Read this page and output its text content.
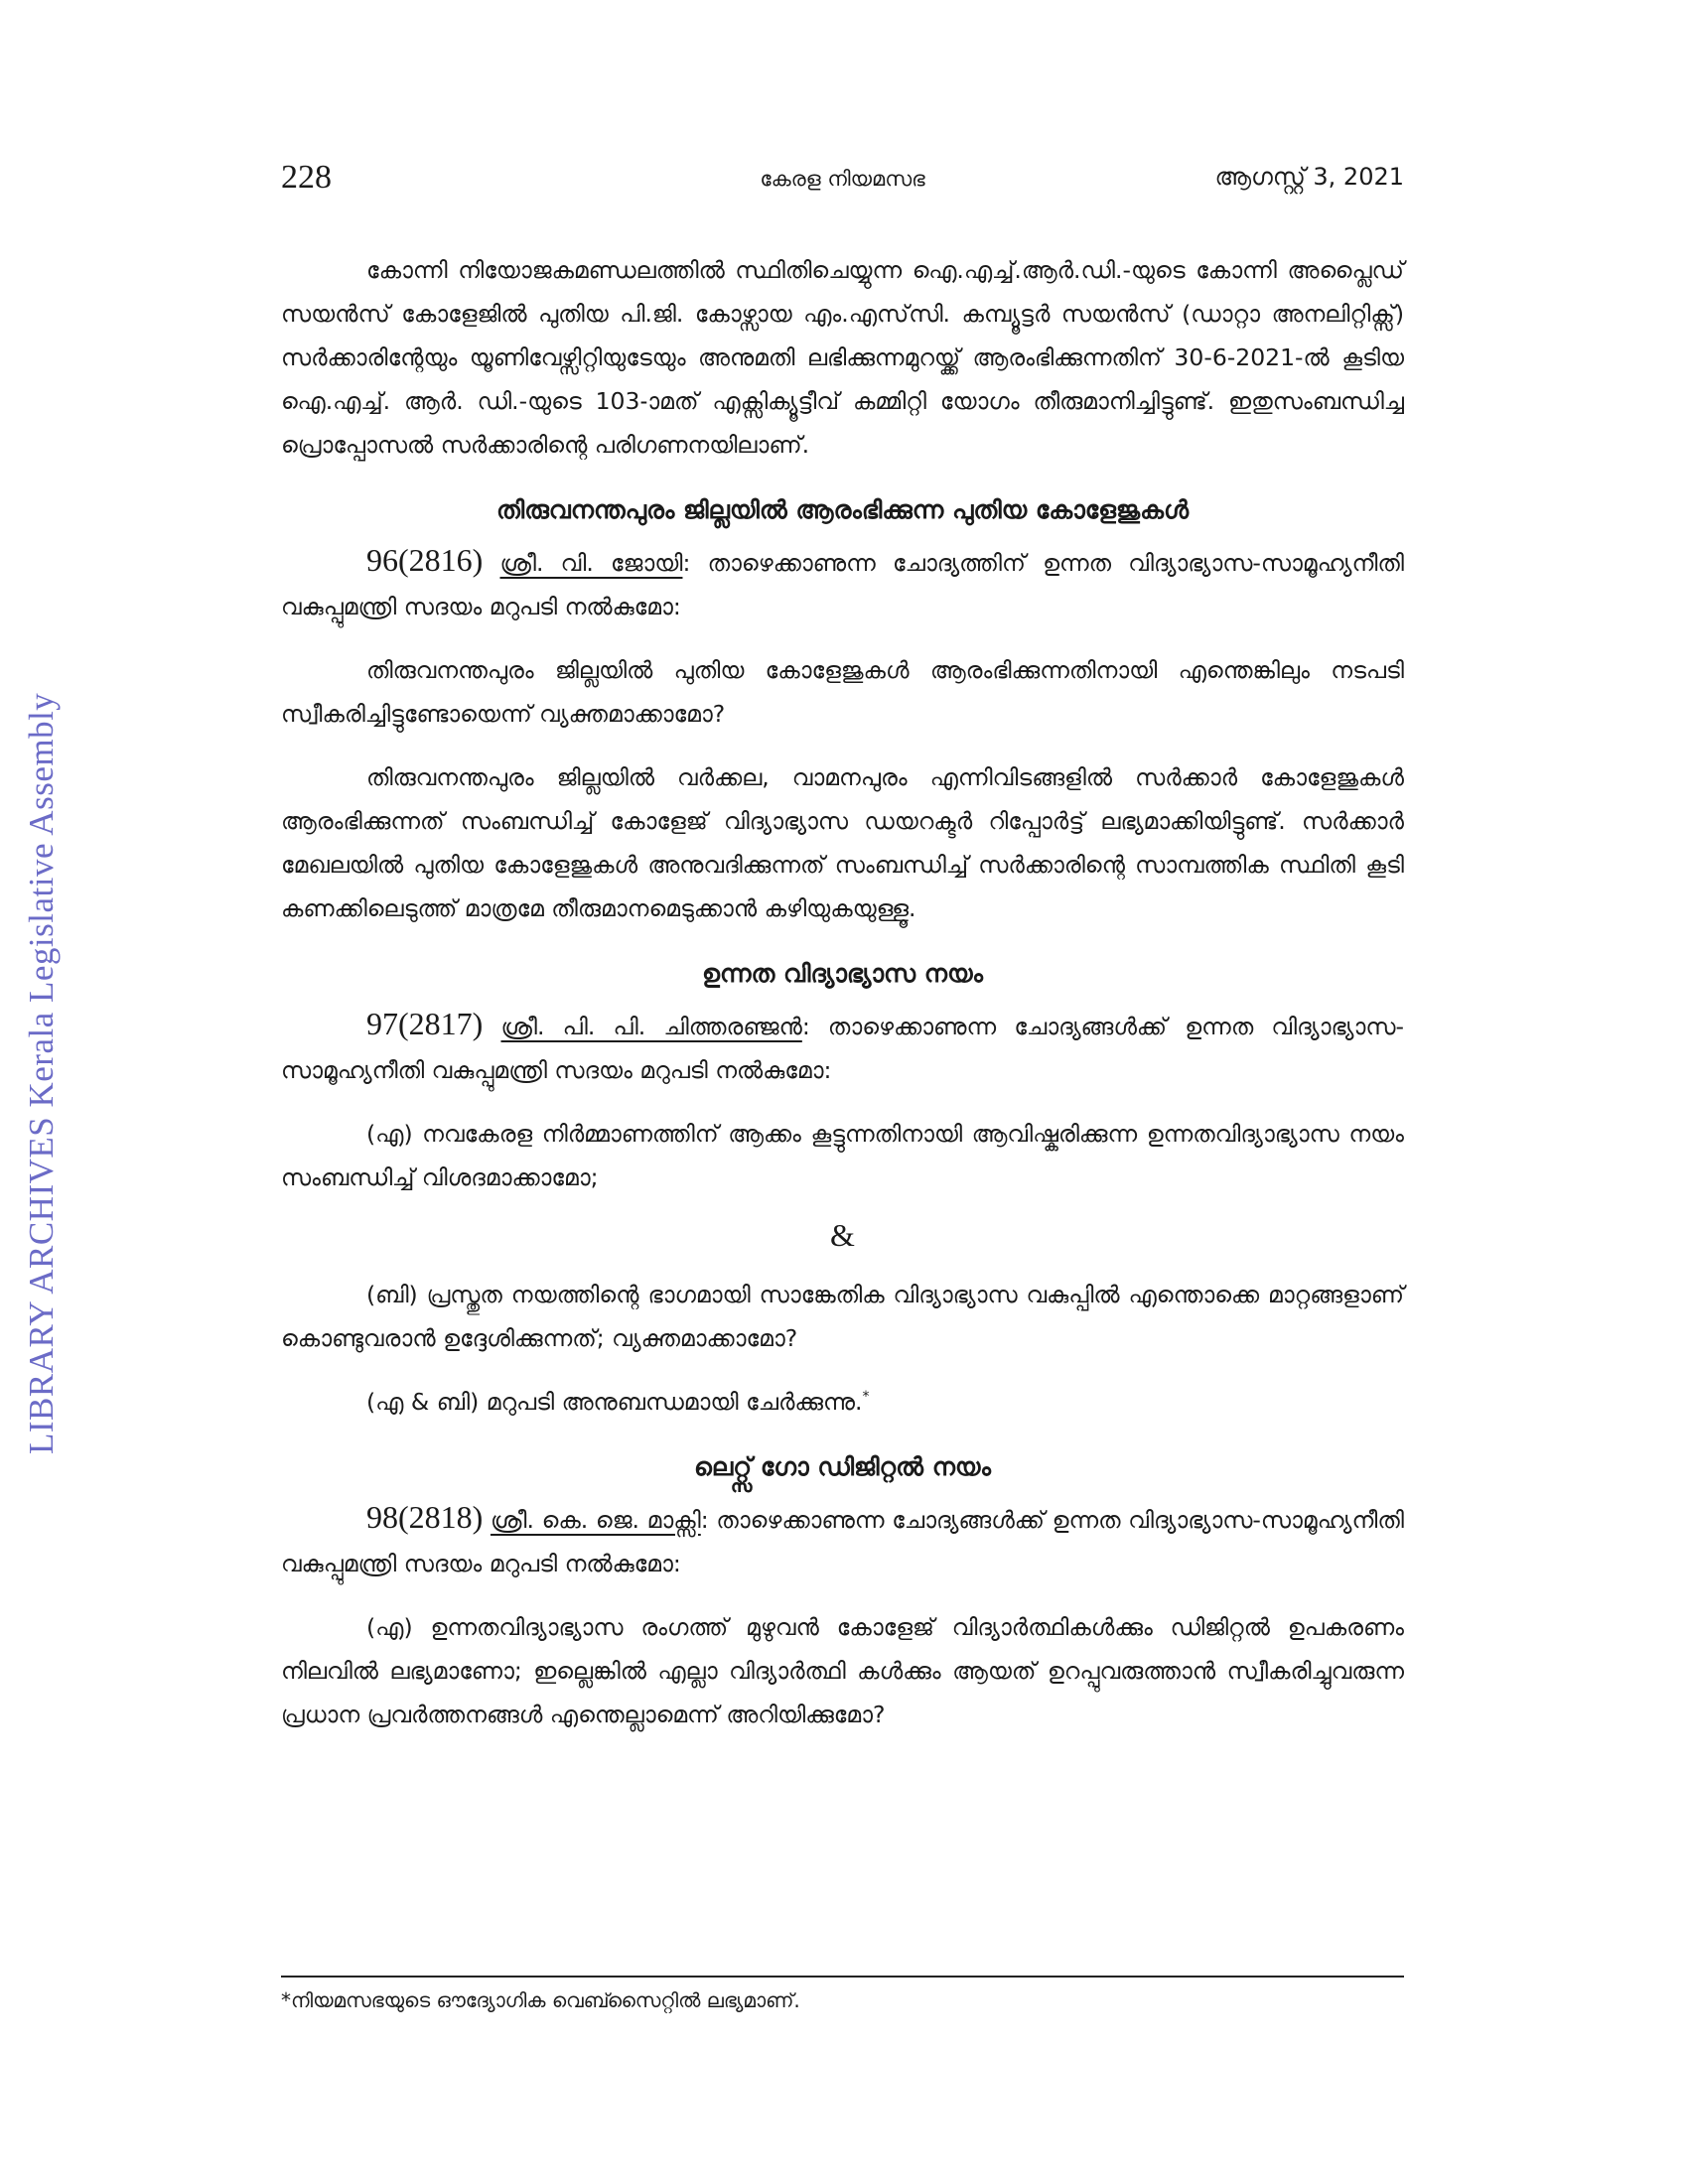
LIBRARY ARCHIVES Kerala Legislative Assembly
228	കേരള നിയമസഭ	ആഗസ്റ്റ് 3, 2021

കോന്നി നിയോജകമണ്ഡലത്തിൽ സ്ഥിതിചെയ്യുന്ന ഐ.എച്ച്.ആർ.ഡി.-യുടെ കോന്നി അപ്ലൈഡ് സയൻസ് കോളേജിൽ പുതിയ പി.ജി. കോഴ്സായ എം.എസ്‌സി. കമ്പ്യൂട്ടർ സയൻസ് (ഡാറ്റാ അനലിറ്റിക്സ്) സർക്കാരിന്റേയും യൂണിവേഴ്സിറ്റിയുടേയും അനുമതി ലഭിക്കുന്നമുറയ്ക്ക് ആരംഭിക്കുന്നതിന് 30-6-2021-ൽ കൂടിയ ഐ.എച്ച്. ആർ. ഡി.-യുടെ 103-ാമത് എക്സിക്യൂട്ടീവ് കമ്മിറ്റി യോഗം തീരുമാനിച്ചിട്ടുണ്ട്. ഇതുസംബന്ധിച്ച പ്രൊപ്പോസൽ സർക്കാരിന്റെ പരിഗണനയിലാണ്.

തിരുവനന്തപുരം ജില്ലയിൽ ആരംഭിക്കുന്ന പുതിയ കോളേജുകൾ

96(2816) ശ്രീ. വി. ജോയി: താഴെക്കാണുന്ന ചോദ്യത്തിന് ഉന്നത വിദ്യാഭ്യാസ-സാമൂഹ്യനീതി വകുപ്പുമന്ത്രി സദയം മറുപടി നൽകുമോ:

തിരുവനന്തപുരം ജില്ലയിൽ പുതിയ കോളേജുകൾ ആരംഭിക്കുന്നതിനായി എന്തെങ്കിലും നടപടി സ്വീകരിച്ചിട്ടുണ്ടോയെന്ന് വ്യക്തമാക്കാമോ?

തിരുവനന്തപുരം ജില്ലയിൽ വർക്കല, വാമനപുരം എന്നിവിടങ്ങളിൽ സർക്കാർ കോളേജുകൾ ആരംഭിക്കുന്നത് സംബന്ധിച്ച് കോളേജ് വിദ്യാഭ്യാസ ഡയറക്ടർ റിപ്പോർട്ട് ലഭ്യമാക്കിയിട്ടുണ്ട്. സർക്കാർ മേഖലയിൽ പുതിയ കോളേജുകൾ അനുവദിക്കുന്നത് സംബന്ധിച്ച് സർക്കാരിന്റെ സാമ്പത്തിക സ്ഥിതി കൂടി കണക്കിലെടുത്ത് മാത്രമേ തീരുമാനമെടുക്കാൻ കഴിയുകയുള്ളൂ.

ഉന്നത വിദ്യാഭ്യാസ നയം

97(2817) ശ്രീ. പി. പി. ചിത്തരഞ്ജൻ: താഴെക്കാണുന്ന ചോദ്യങ്ങൾക്ക് ഉന്നത വിദ്യാഭ്യാസ-സാമൂഹ്യനീതി വകുപ്പുമന്ത്രി സദയം മറുപടി നൽകുമോ:

(എ) നവകേരള നിർമ്മാണത്തിന് ആക്കം കൂട്ടുന്നതിനായി ആവിഷ്കരിക്കുന്ന ഉന്നതവിദ്യാഭ്യാസ നയം സംബന്ധിച്ച് വിശദമാക്കാമോ;

&

(ബി) പ്രസ്തുത നയത്തിന്റെ ഭാഗമായി സാങ്കേതിക വിദ്യാഭ്യാസ വകുപ്പിൽ എന്തൊക്കെ മാറ്റങ്ങളാണ് കൊണ്ടുവരാൻ ഉദ്ദേശിക്കുന്നത്; വ്യക്തമാക്കാമോ?

(എ & ബി) മറുപടി അനുബന്ധമായി ചേർക്കുന്നു.*

ലെറ്റ്സ് ഗോ ഡിജിറ്റൽ നയം

98(2818) ശ്രീ. കെ. ജെ. മാക്സി: താഴെക്കാണുന്ന ചോദ്യങ്ങൾക്ക് ഉന്നത വിദ്യാഭ്യാസ-സാമൂഹ്യനീതി വകുപ്പുമന്ത്രി സദയം മറുപടി നൽകുമോ:

(എ) ഉന്നതവിദ്യാഭ്യാസ രംഗത്ത് മുഴുവൻ കോളേജ് വിദ്യാർത്ഥികൾക്കും ഡിജിറ്റൽ ഉപകരണം നിലവിൽ ലഭ്യമാണോ; ഇല്ലെങ്കിൽ എല്ലാ വിദ്യാർത്ഥി കൾക്കും ആയത് ഉറപ്പുവരുത്താൻ സ്വീകരിച്ചുവരുന്ന പ്രധാന പ്രവർത്തനങ്ങൾ എന്തെല്ലാമെന്ന് അറിയിക്കുമോ?

*നിയമസഭയുടെ ഔദ്യോഗിക വെബ്സൈറ്റിൽ ലഭ്യമാണ്.
